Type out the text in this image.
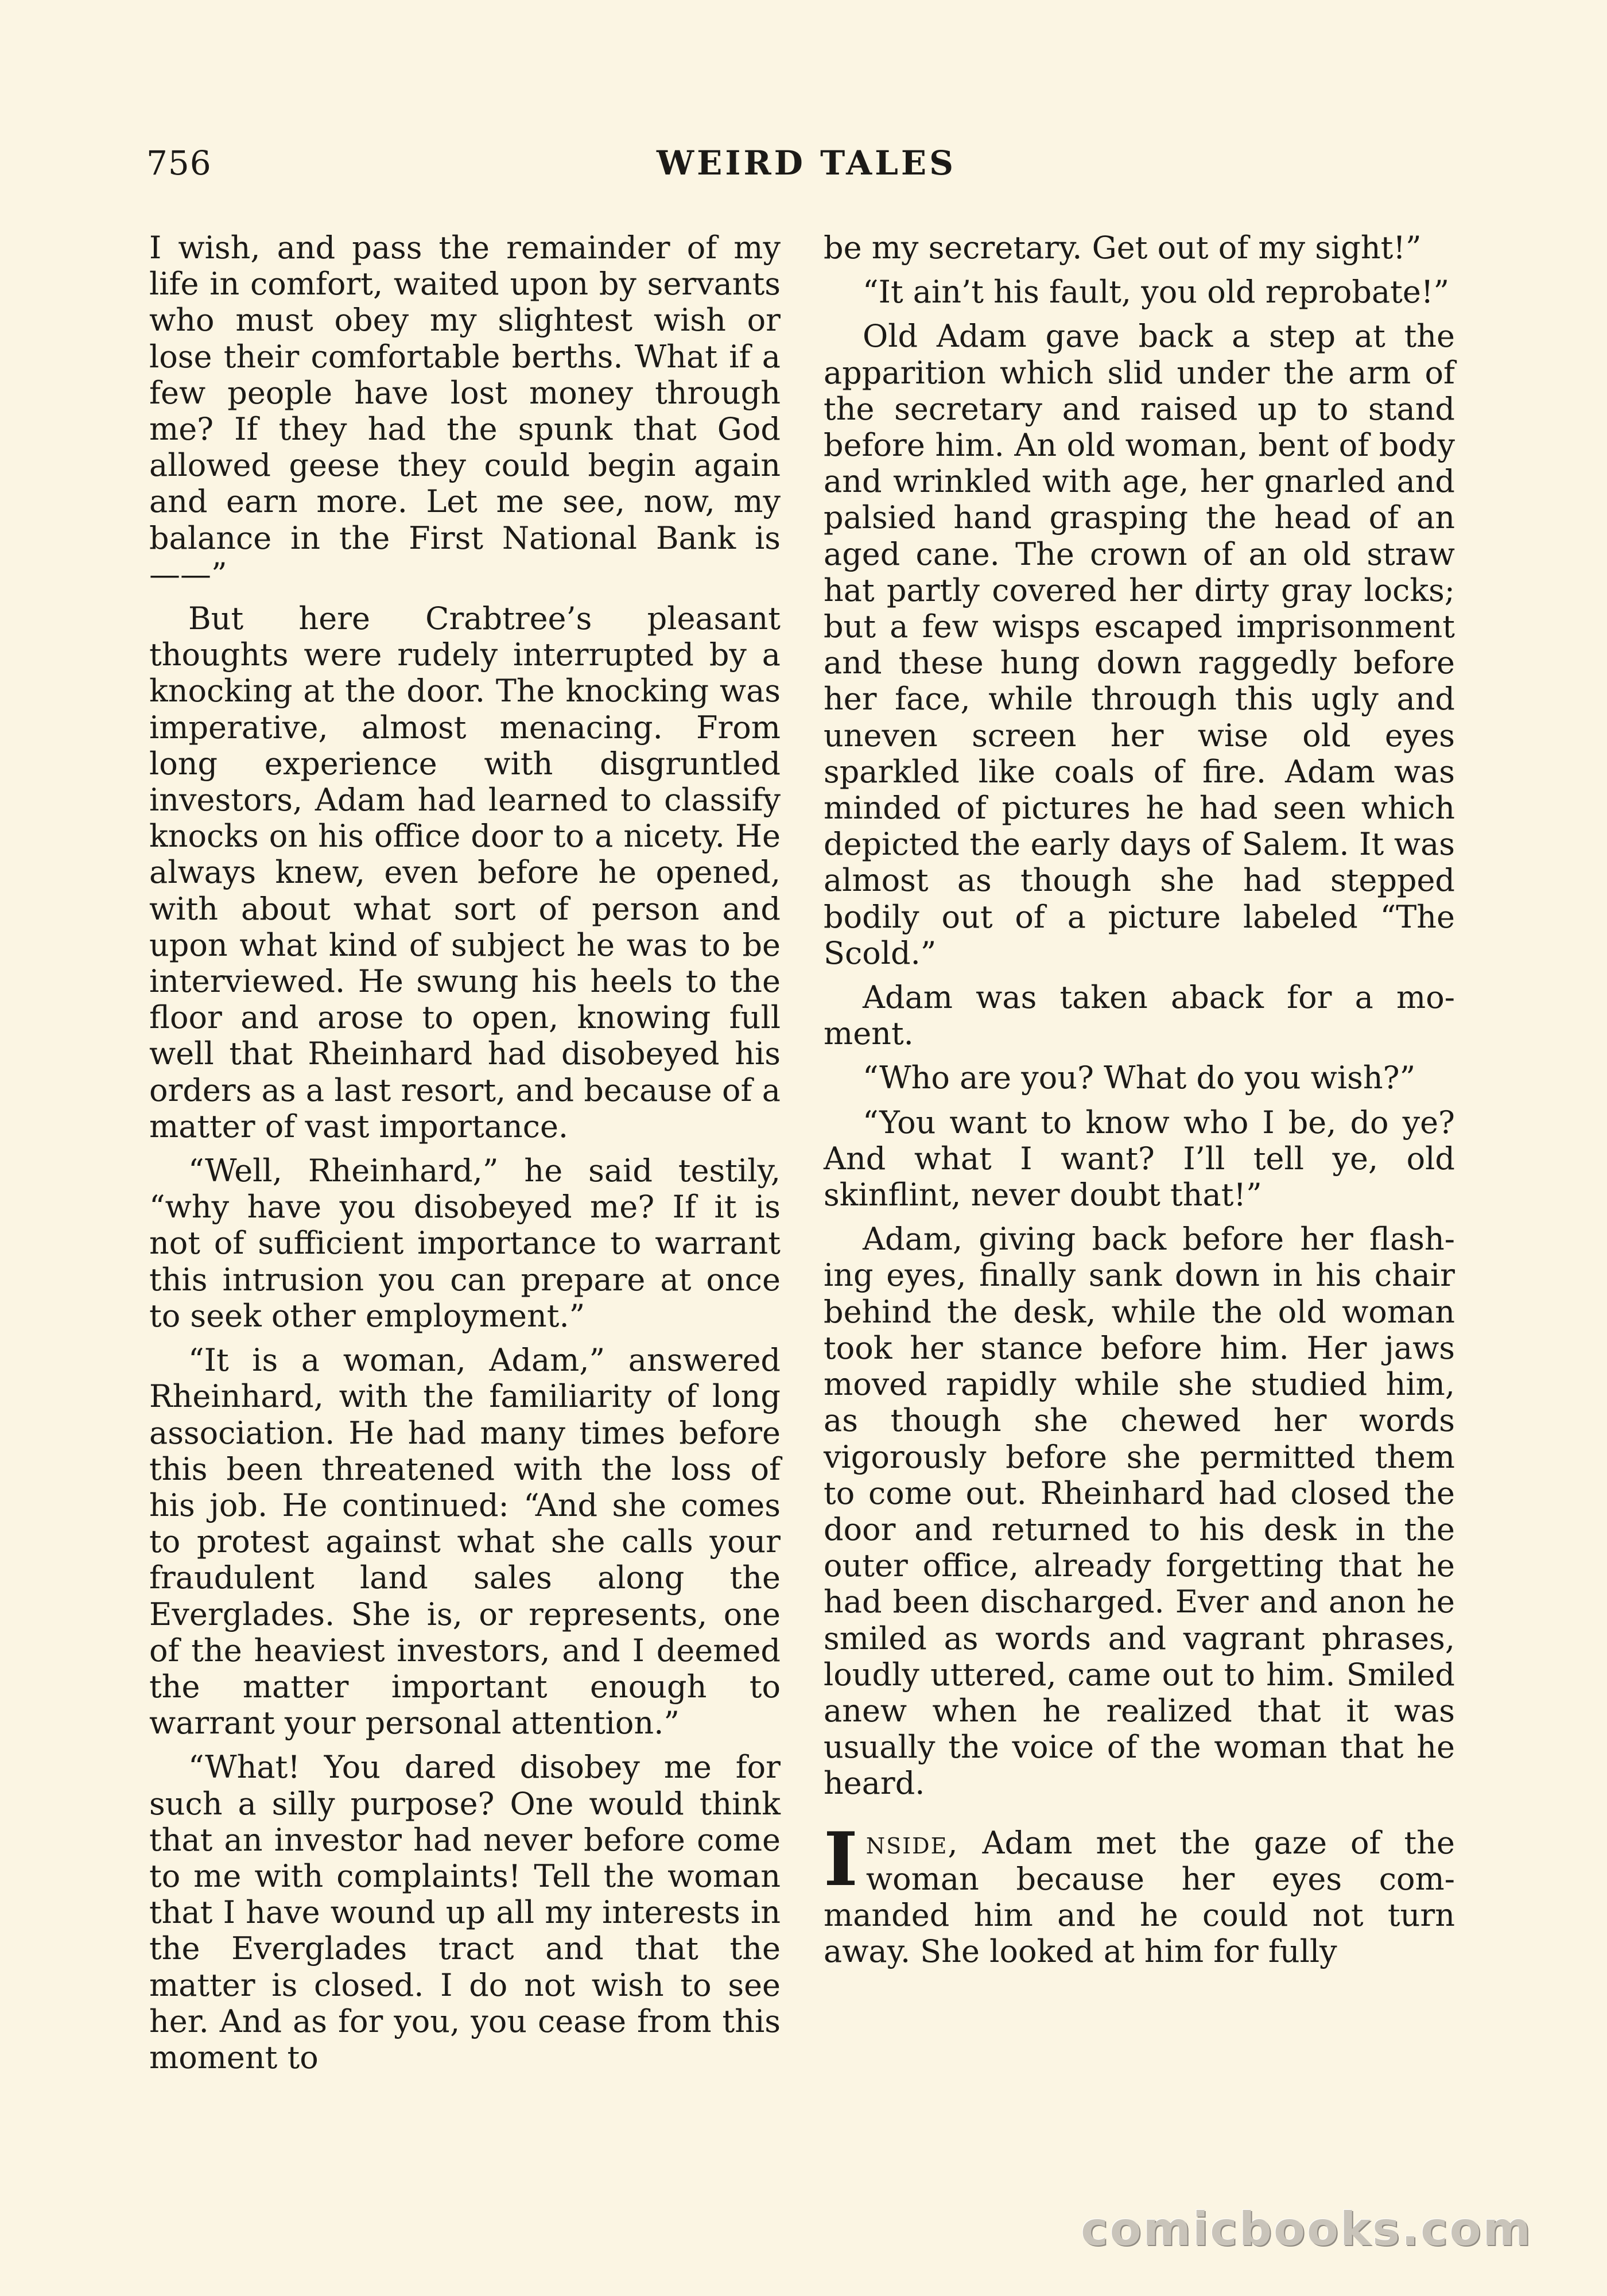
756	WEIRD TALES

I wish, and pass the remainder of my life in comfort, waited upon by servants who must obey my slightest wish or lose their comfortable berths. What if a few people have lost money through me? If they had the spunk that God allowed geese they could begin again and earn more. Let me see, now, my balance in the First National Bank is——”

But here Crabtree’s pleasant thoughts were rudely interrupted by a knocking at the door. The knocking was imperative, almost menacing. From long experience with disgruntled investors, Adam had learned to classify knocks on his office door to a nicety. He always knew, even before he opened, with about what sort of person and upon what kind of subject he was to be interviewed. He swung his heels to the floor and arose to open, knowing full well that Rheinhard had disobeyed his orders as a last resort, and because of a matter of vast importance.

“Well, Rheinhard,” he said testily, “why have you disobeyed me? If it is not of sufficient importance to warrant this intrusion you can prepare at once to seek other employment.”

“It is a woman, Adam,” answered Rheinhard, with the familiarity of long association. He had many times before this been threatened with the loss of his job. He continued: “And she comes to protest against what she calls your fraudulent land sales along the Everglades. She is, or represents, one of the heaviest investors, and I deemed the matter important enough to warrant your personal attention.”

“What! You dared disobey me for such a silly purpose? One would think that an investor had never before come to me with complaints! Tell the woman that I have wound up all my interests in the Everglades tract and that the matter is closed. I do not wish to see her. And as for you, you cease from this moment to

be my secretary. Get out of my sight!”

“It ain’t his fault, you old reprobate!”

Old Adam gave back a step at the apparition which slid under the arm of the secretary and raised up to stand before him. An old woman, bent of body and wrinkled with age, her gnarled and palsied hand grasping the head of an aged cane. The crown of an old straw hat partly covered her dirty gray locks; but a few wisps escaped imprisonment and these hung down raggedly before her face, while through this ugly and uneven screen her wise old eyes sparkled like coals of fire. Adam was minded of pictures he had seen which depicted the early days of Salem. It was almost as though she had stepped bodily out of a picture labeled “The Scold.”

Adam was taken aback for a moment.

“Who are you? What do you wish?”

“You want to know who I be, do ye? And what I want? I’ll tell ye, old skinflint, never doubt that!”

Adam, giving back before her flashing eyes, finally sank down in his chair behind the desk, while the old woman took her stance before him. Her jaws moved rapidly while she studied him, as though she chewed her words vigorously before she permitted them to come out. Rheinhard had closed the door and returned to his desk in the outer office, already forgetting that he had been discharged. Ever and anon he smiled as words and vagrant phrases, loudly uttered, came out to him. Smiled anew when he realized that it was usually the voice of the woman that he heard.

Inside, Adam met the gaze of the woman because her eyes commanded him and he could not turn away. She looked at him for fully

comicbooks.com
